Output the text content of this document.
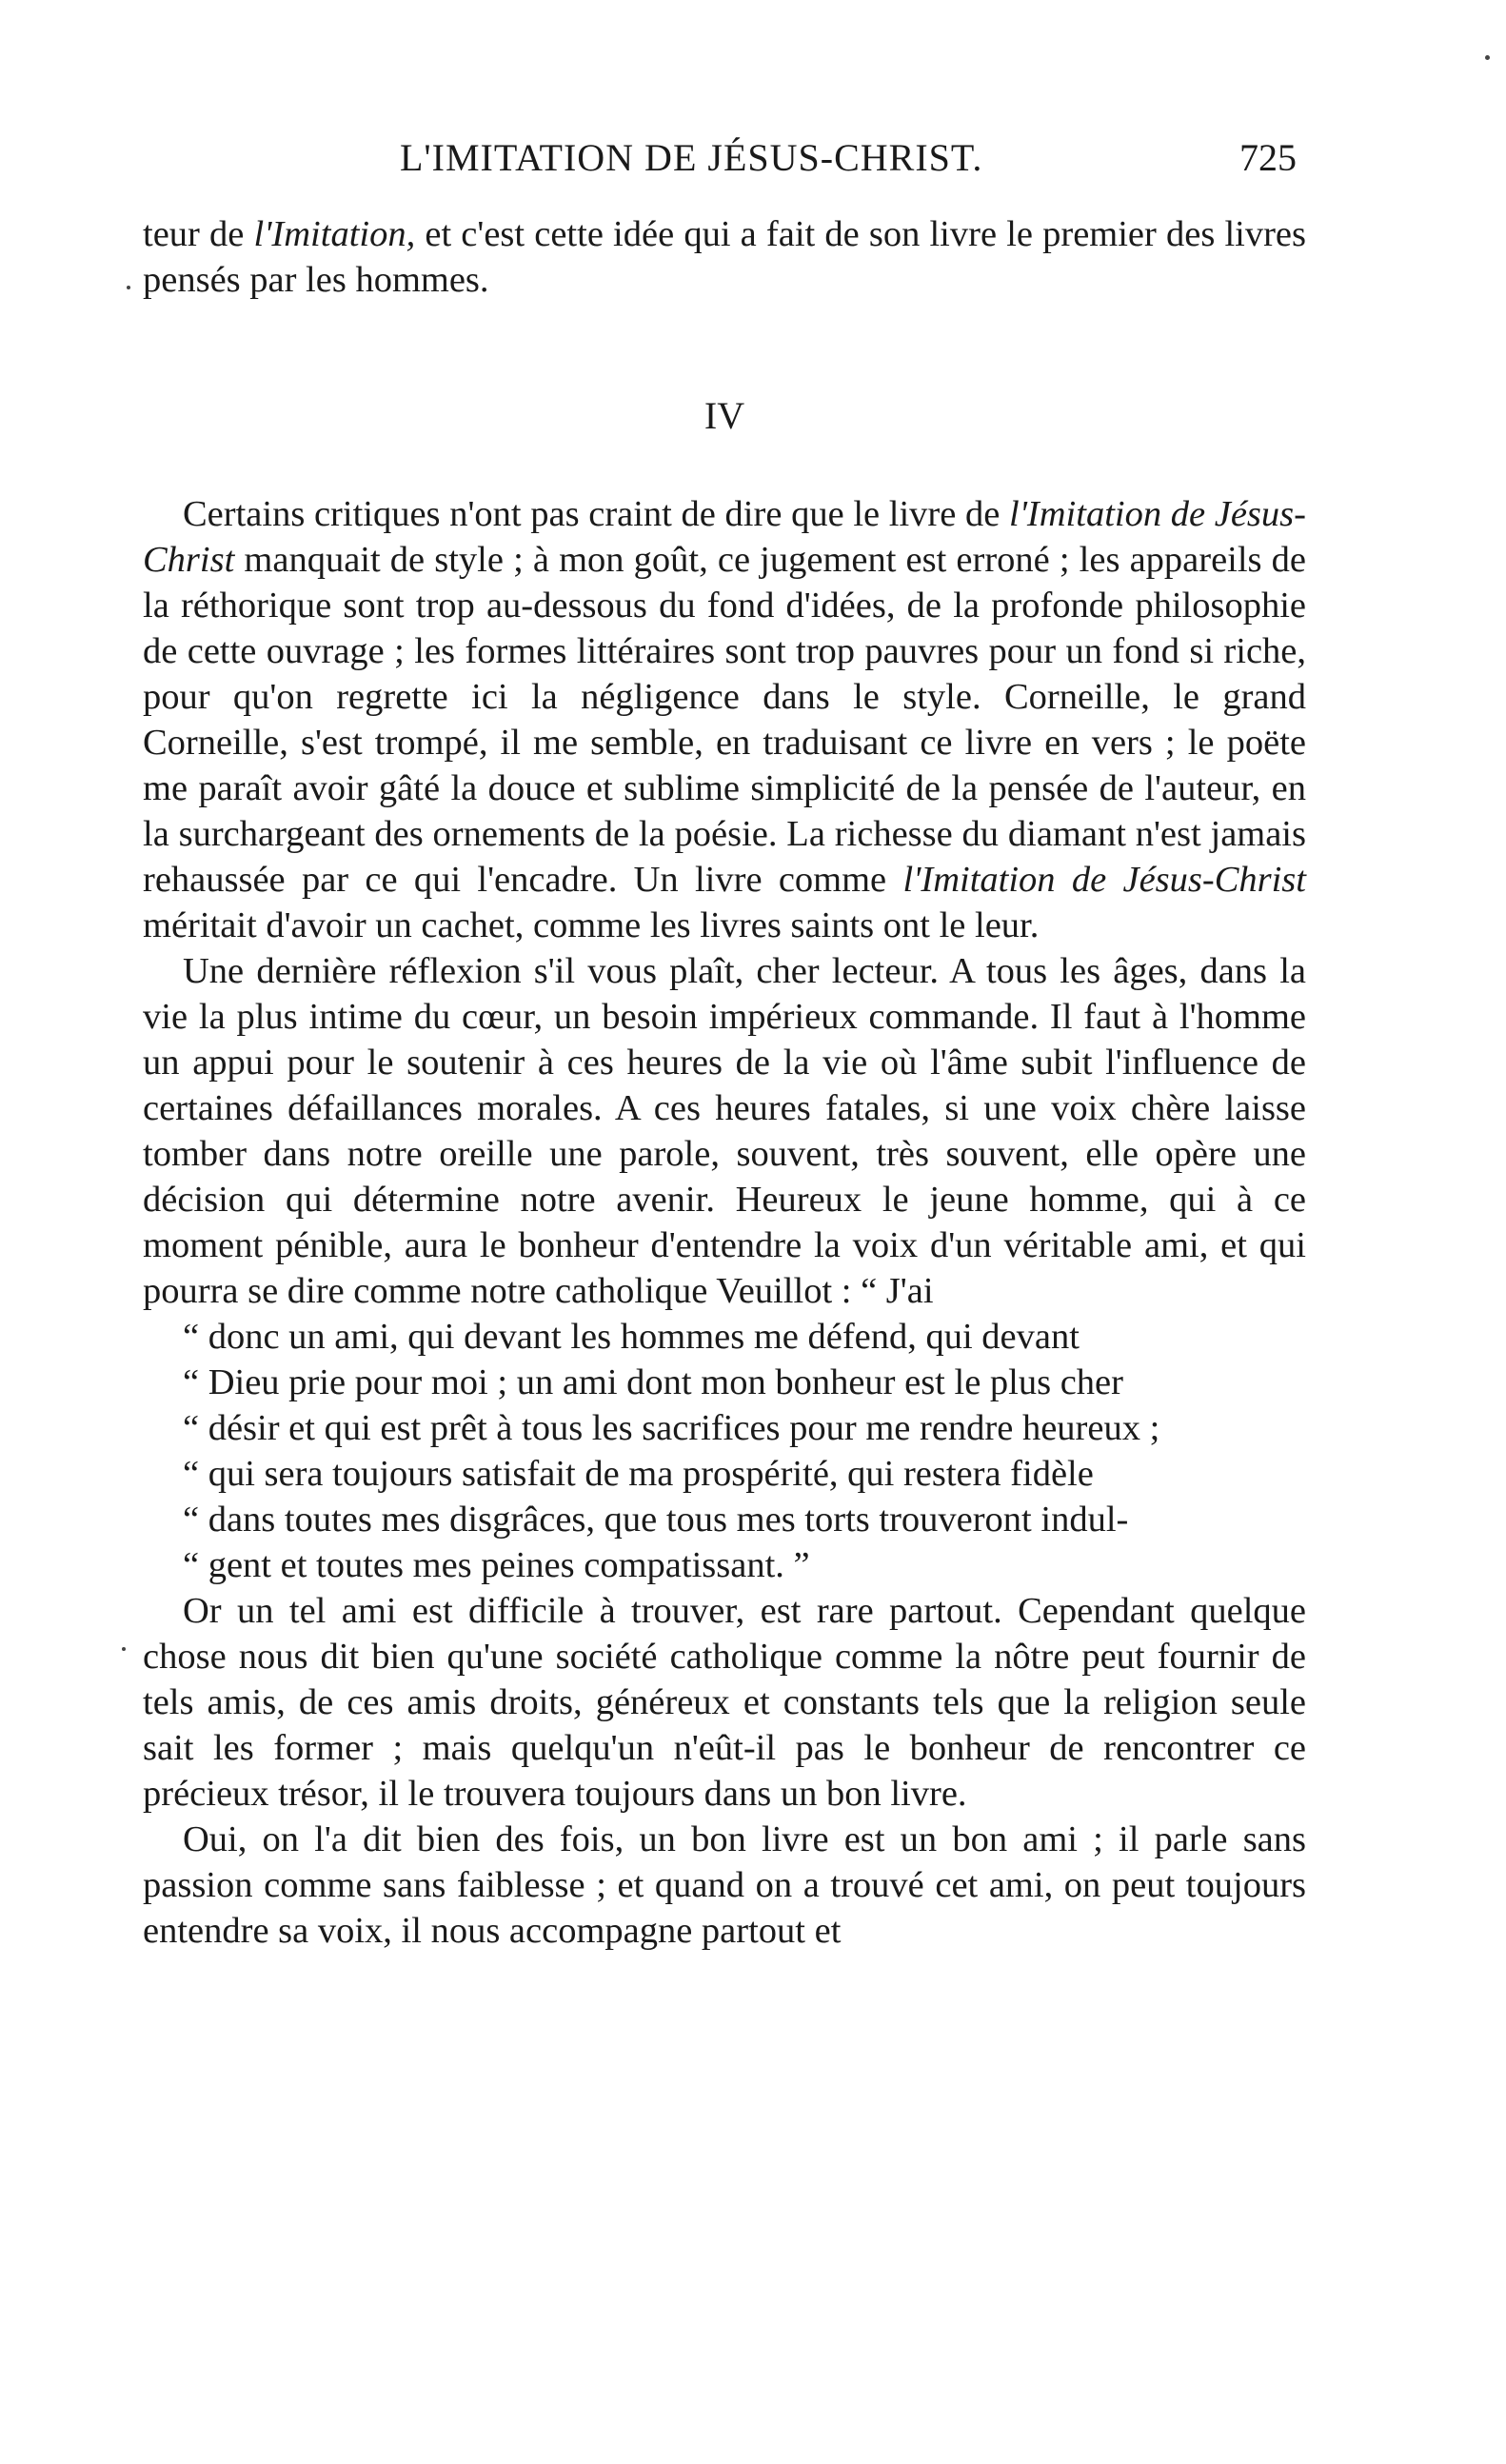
L'IMITATION DE JÉSUS-CHRIST.	725

teur de l'Imitation, et c'est cette idée qui a fait de son livre le premier des livres pensés par les hommes.

IV

Certains critiques n'ont pas craint de dire que le livre de l'Imitation de Jésus-Christ manquait de style ; à mon goût, ce jugement est erroné ; les appareils de la réthorique sont trop au-dessous du fond d'idées, de la profonde philosophie de cette ouvrage ; les formes littéraires sont trop pauvres pour un fond si riche, pour qu'on regrette ici la négligence dans le style. Corneille, le grand Corneille, s'est trompé, il me semble, en traduisant ce livre en vers ; le poëte me paraît avoir gâté la douce et sublime simplicité de la pensée de l'auteur, en la surchargeant des ornements de la poésie. La richesse du diamant n'est jamais rehaussée par ce qui l'encadre. Un livre comme l'Imitation de Jésus-Christ méritait d'avoir un cachet, comme les livres saints ont le leur.

Une dernière réflexion s'il vous plaît, cher lecteur. A tous les âges, dans la vie la plus intime du cœur, un besoin impérieux commande. Il faut à l'homme un appui pour le soutenir à ces heures de la vie où l'âme subit l'influence de certaines défaillances morales. A ces heures fatales, si une voix chère laisse tomber dans notre oreille une parole, souvent, très souvent, elle opère une décision qui détermine notre avenir. Heureux le jeune homme, qui à ce moment pénible, aura le bonheur d'entendre la voix d'un véritable ami, et qui pourra se dire comme notre catholique Veuillot : “ J'ai
“ donc un ami, qui devant les hommes me défend, qui devant
“ Dieu prie pour moi ; un ami dont mon bonheur est le plus cher
“ désir et qui est prêt à tous les sacrifices pour me rendre heureux ;
“ qui sera toujours satisfait de ma prospérité, qui restera fidèle
“ dans toutes mes disgrâces, que tous mes torts trouveront indul-
“ gent et toutes mes peines compatissant. ”

Or un tel ami est difficile à trouver, est rare partout. Cependant quelque chose nous dit bien qu'une société catholique comme la nôtre peut fournir de tels amis, de ces amis droits, généreux et constants tels que la religion seule sait les former ; mais quelqu'un n'eût-il pas le bonheur de rencontrer ce précieux trésor, il le trouvera toujours dans un bon livre.

Oui, on l'a dit bien des fois, un bon livre est un bon ami ; il parle sans passion comme sans faiblesse ; et quand on a trouvé cet ami, on peut toujours entendre sa voix, il nous accompagne partout et
